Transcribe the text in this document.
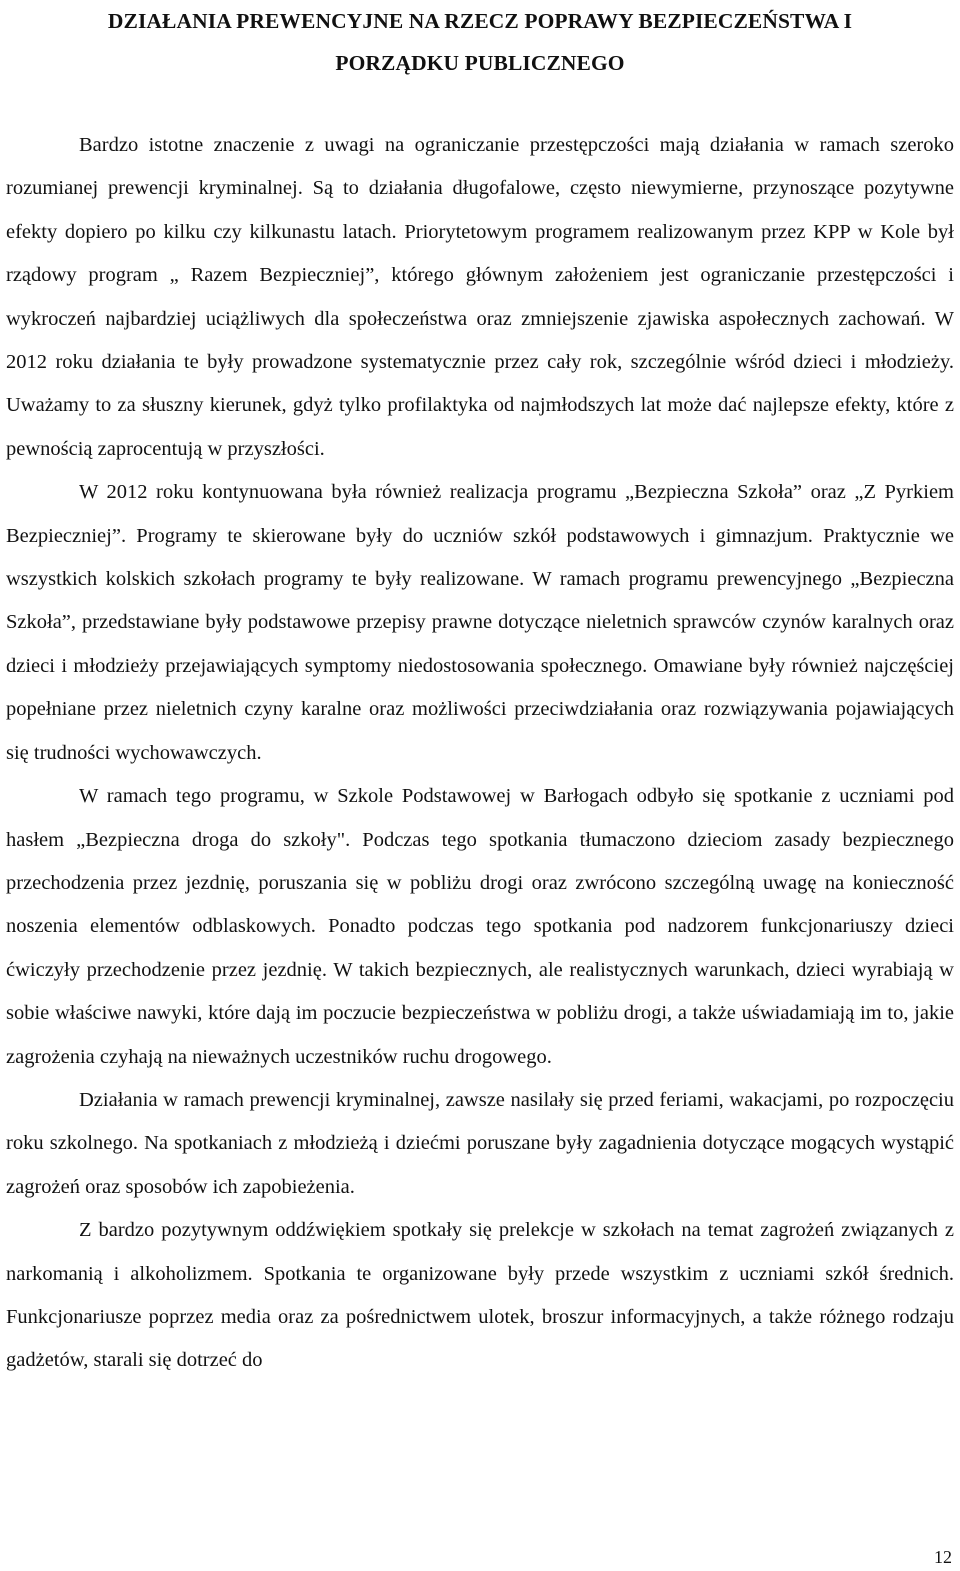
DZIAŁANIA PREWENCYJNE NA RZECZ POPRAWY BEZPIECZEŃSTWA I
PORZĄDKU PUBLICZNEGO

Bardzo istotne znaczenie z uwagi na ograniczanie przestępczości mają działania w ramach szeroko rozumianej prewencji kryminalnej. Są to działania długofalowe, często niewymierne, przynoszące pozytywne efekty dopiero po kilku czy kilkunastu latach. Priorytetowym programem realizowanym przez KPP w Kole był rządowy program „ Razem Bezpieczniej”, którego głównym założeniem jest ograniczanie przestępczości i wykroczeń najbardziej uciążliwych dla społeczeństwa oraz zmniejszenie zjawiska aspołecznych zachowań. W 2012 roku działania te były prowadzone systematycznie przez cały rok, szczególnie wśród dzieci i młodzieży. Uważamy to za słuszny kierunek, gdyż tylko profilaktyka od najmłodszych lat może dać najlepsze efekty, które z pewnością zaprocentują w przyszłości.

W 2012 roku kontynuowana była również realizacja programu „Bezpieczna Szkoła” oraz „Z Pyrkiem Bezpieczniej”. Programy te skierowane były do uczniów szkół podstawowych i gimnazjum. Praktycznie we wszystkich kolskich szkołach programy te były realizowane. W ramach programu prewencyjnego „Bezpieczna Szkoła”, przedstawiane były podstawowe przepisy prawne dotyczące nieletnich sprawców czynów karalnych oraz dzieci i młodzieży przejawiających symptomy niedostosowania społecznego. Omawiane były również najczęściej popełniane przez nieletnich czyny karalne oraz możliwości przeciwdziałania oraz rozwiązywania pojawiających się trudności wychowawczych.

W ramach tego programu, w Szkole Podstawowej w Barłogach odbyło się spotkanie z uczniami pod hasłem „Bezpieczna droga do szkoły". Podczas tego spotkania tłumaczono dzieciom zasady bezpiecznego przechodzenia przez jezdnię, poruszania się w pobliżu drogi oraz zwrócono szczególną uwagę na konieczność noszenia elementów odblaskowych. Ponadto podczas tego spotkania pod nadzorem funkcjonariuszy dzieci ćwiczyły przechodzenie przez jezdnię. W takich bezpiecznych, ale realistycznych warunkach, dzieci wyrabiają w sobie właściwe nawyki, które dają im poczucie bezpieczeństwa w pobliżu drogi, a także uświadamiają im to, jakie zagrożenia czyhają na nieważnych uczestników ruchu drogowego.

Działania w ramach prewencji kryminalnej, zawsze nasilały się przed feriami, wakacjami, po rozpoczęciu roku szkolnego. Na spotkaniach z młodzieżą i dziećmi poruszane były zagadnienia dotyczące mogących wystąpić zagrożeń oraz sposobów ich zapobieżenia.

Z bardzo pozytywnym oddźwiękiem spotkały się prelekcje w szkołach na temat zagrożeń związanych z narkomanią i alkoholizmem. Spotkania te organizowane były przede wszystkim z uczniami szkół średnich. Funkcjonariusze poprzez media oraz za pośrednictwem ulotek, broszur informacyjnych, a także różnego rodzaju gadżetów, starali się dotrzeć do

12
